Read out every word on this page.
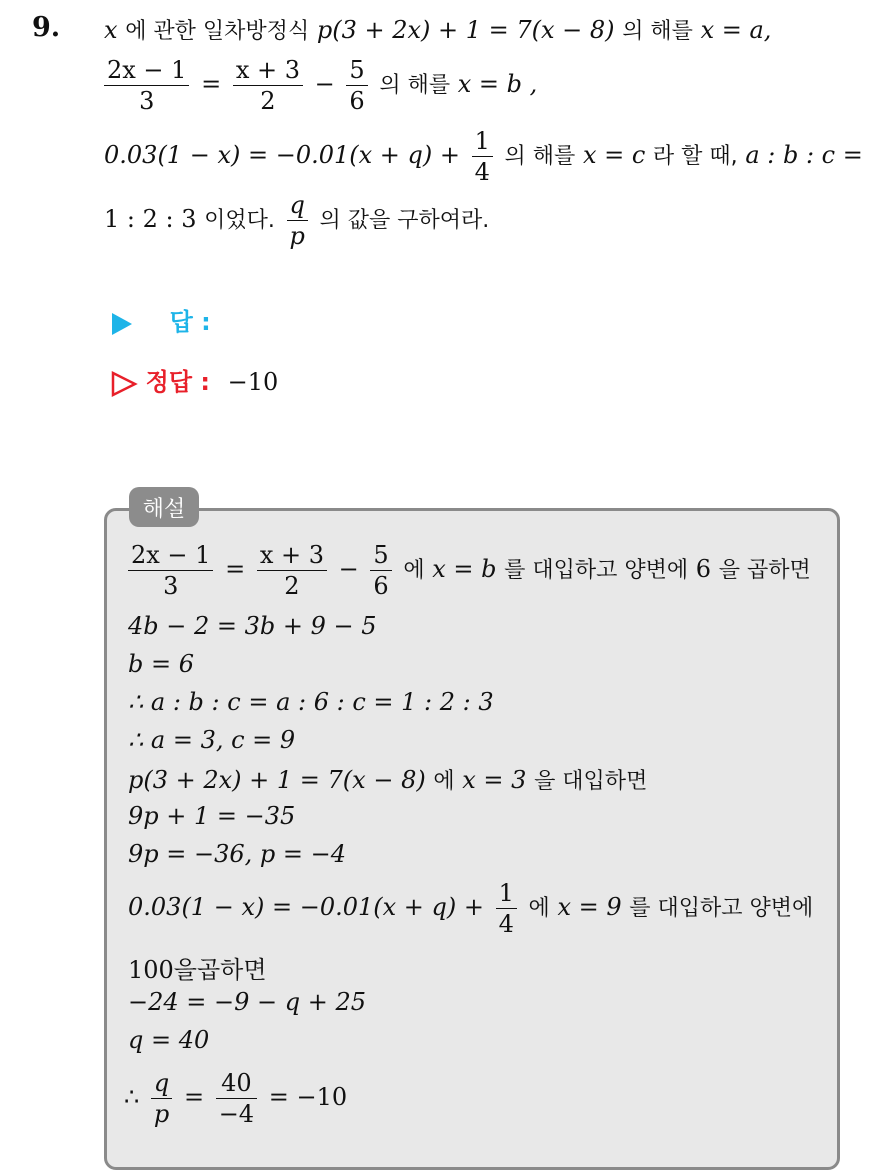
9. x 에 관한 일차방정식 p(3 + 2x) + 1 = 7(x − 8) 의 해를 x = a,
$\frac{2x - 1}{3} = \frac{x + 3}{2} - \frac{5}{6}$ 의 해를 x = b ,
$0.03(1 - x) = -0.01(x + q) + \frac{1}{4}$ 의 해를 x = c 라 할 때, a : b : c =
1 : 2 : 3 이었다. $\frac{q}{p}$ 의 값을 구하여라.
답 :
정답 : −10
해설
$\frac{2x - 1}{3} = \frac{x + 3}{2} - \frac{5}{6}$ 에 x = b 를 대입하고 양변에 6 을 곱하면
4b − 2 = 3b + 9 − 5
b = 6
∴ a : b : c = a : 6 : c = 1 : 2 : 3
∴ a = 3, c = 9
p(3 + 2x) + 1 = 7(x − 8) 에 x = 3 을 대입하면
9p + 1 = −35
9p = −36, p = −4
$0.03(1 - x) = -0.01(x + q) + \frac{1}{4}$ 에 x = 9 를 대입하고 양변에
100을곱하면
−24 = −9 − q + 25
q = 40
∴ $\frac{q}{p} = \frac{40}{-4} = -10$
